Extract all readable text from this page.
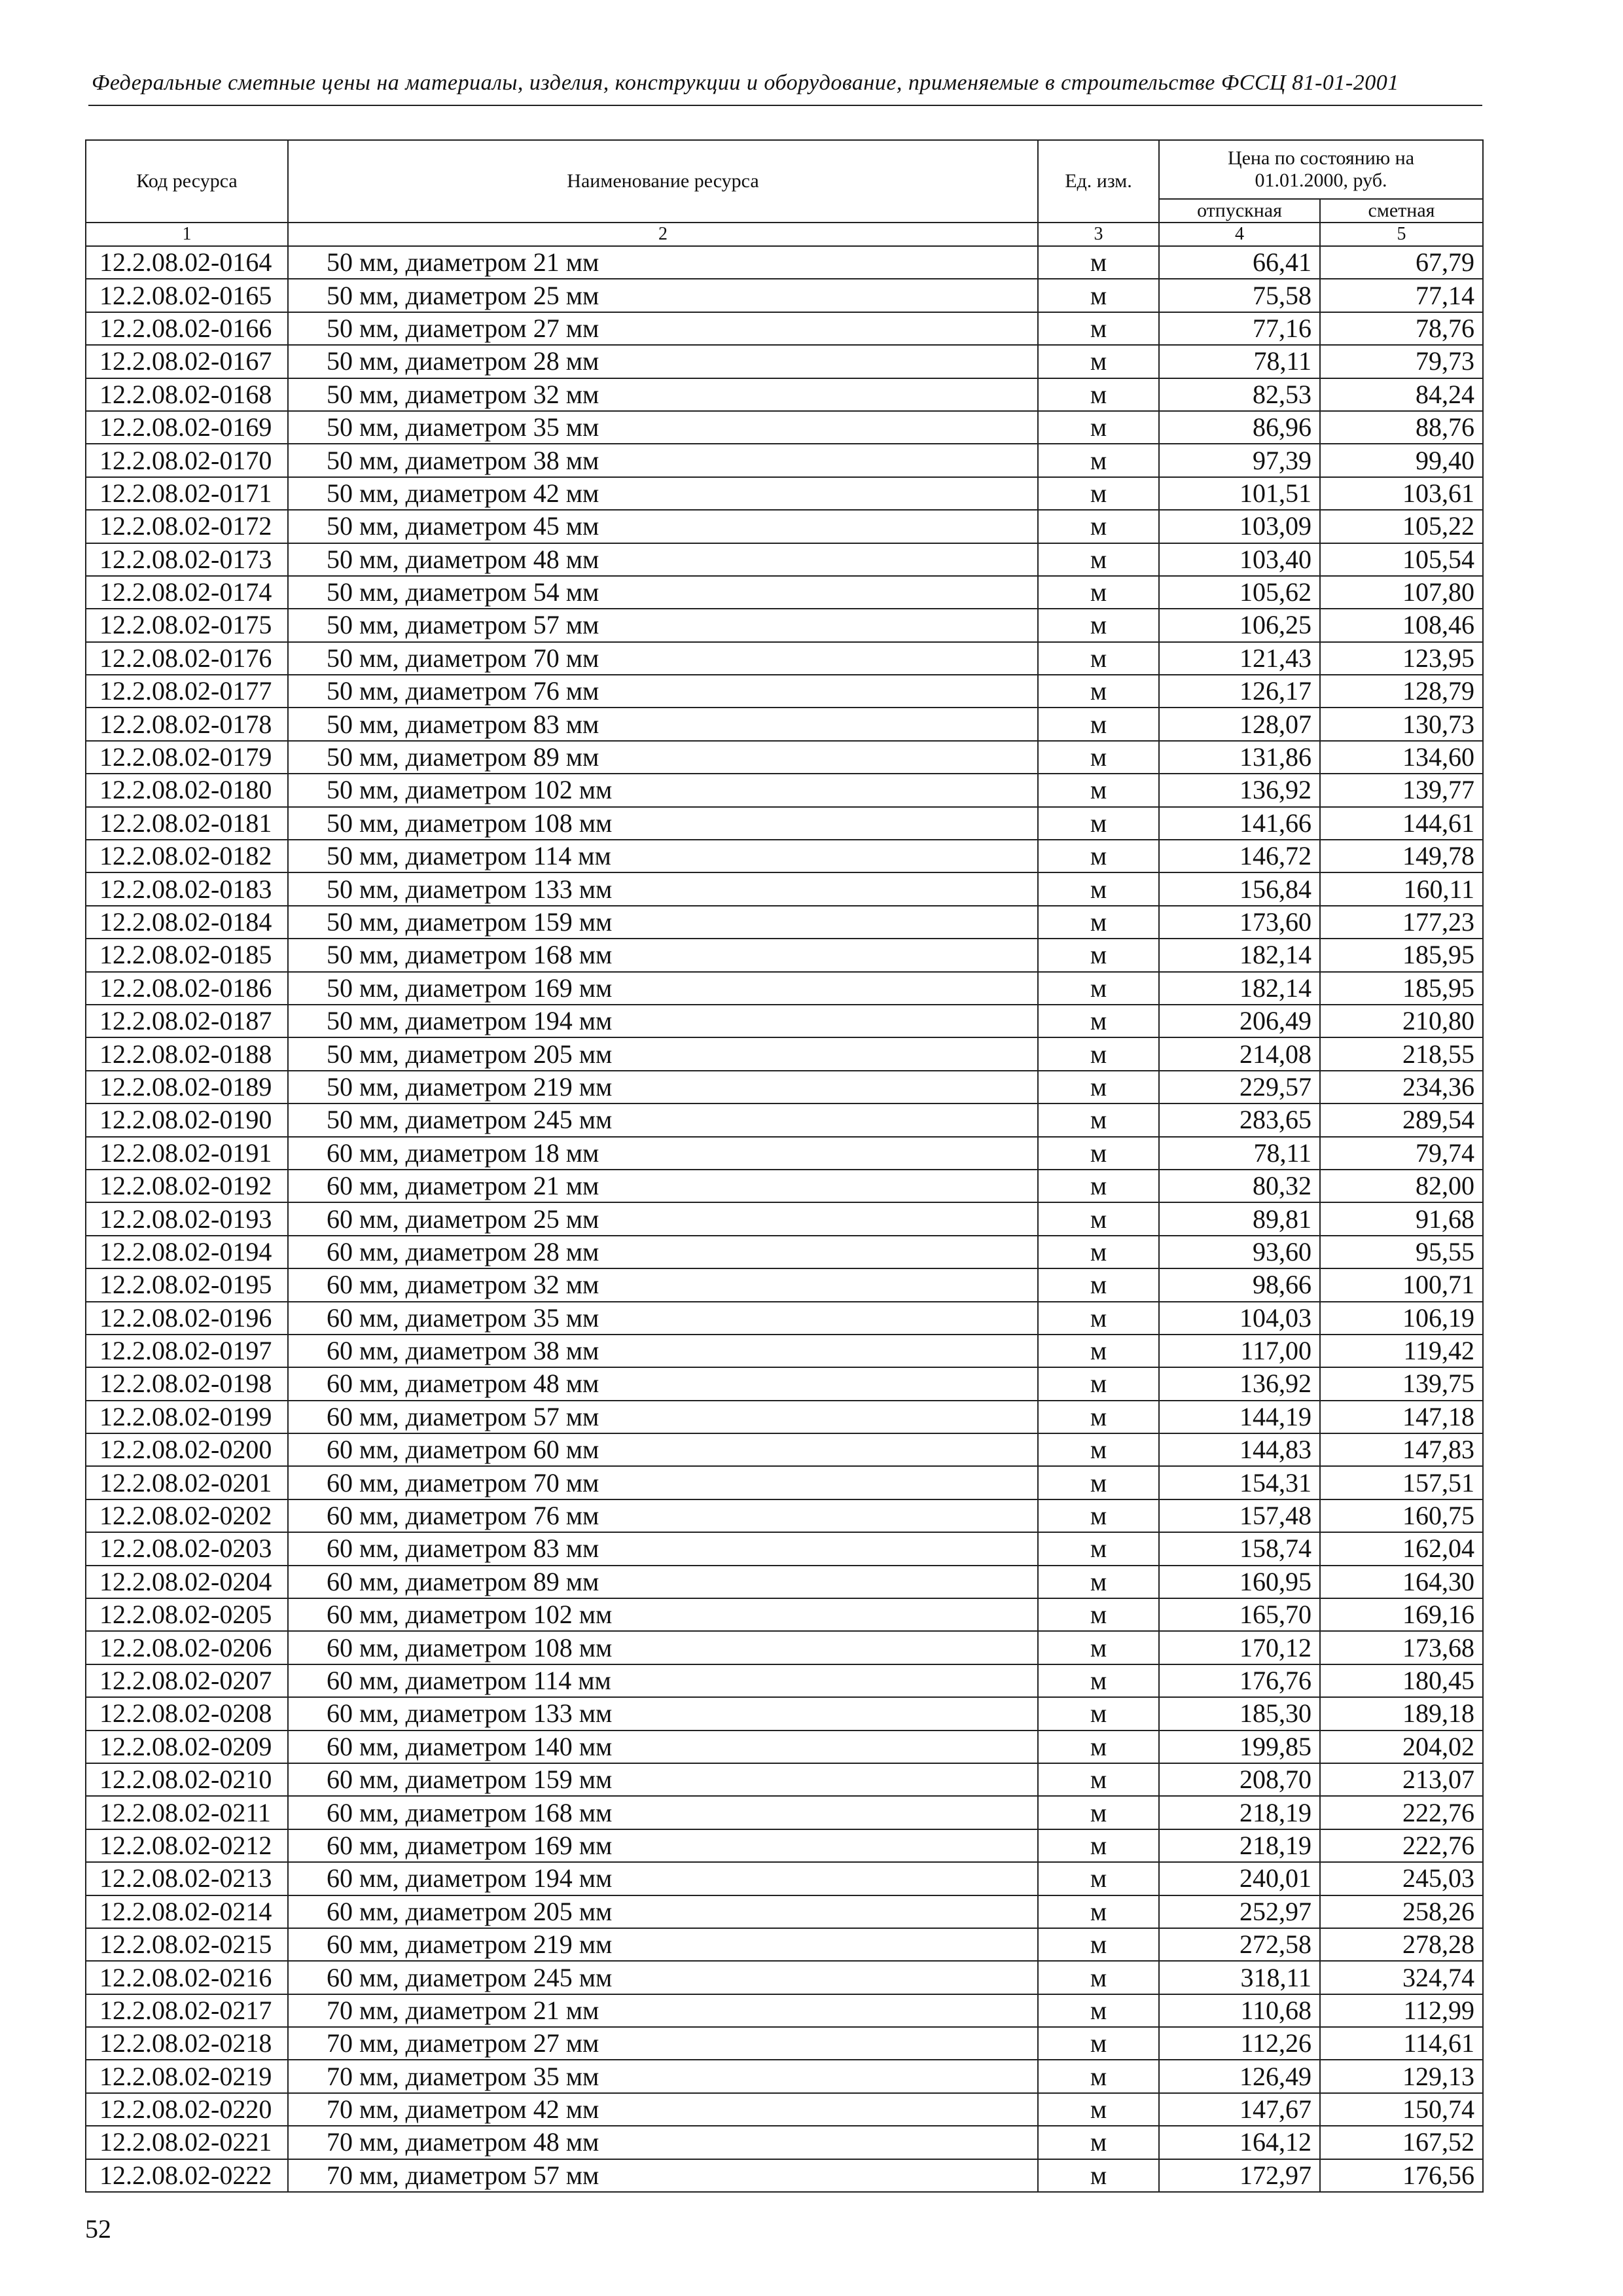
Федеральные сметные цены на материалы, изделия, конструкции и оборудование, применяемые в строительстве ФССЦ 81-01-2001
Код ресурса	Наименование ресурса	Ед. изм.	Цена по состоянию на 01.01.2000, руб.	
			отпускная	сметная
1	2	3	4	5
12.2.08.02-0164	50 мм, диаметром 21 мм	м	66,41	67,79
12.2.08.02-0165	50 мм, диаметром 25 мм	м	75,58	77,14
12.2.08.02-0166	50 мм, диаметром 27 мм	м	77,16	78,76
12.2.08.02-0167	50 мм, диаметром 28 мм	м	78,11	79,73
12.2.08.02-0168	50 мм, диаметром 32 мм	м	82,53	84,24
12.2.08.02-0169	50 мм, диаметром 35 мм	м	86,96	88,76
12.2.08.02-0170	50 мм, диаметром 38 мм	м	97,39	99,40
12.2.08.02-0171	50 мм, диаметром 42 мм	м	101,51	103,61
12.2.08.02-0172	50 мм, диаметром 45 мм	м	103,09	105,22
12.2.08.02-0173	50 мм, диаметром 48 мм	м	103,40	105,54
12.2.08.02-0174	50 мм, диаметром 54 мм	м	105,62	107,80
12.2.08.02-0175	50 мм, диаметром 57 мм	м	106,25	108,46
12.2.08.02-0176	50 мм, диаметром 70 мм	м	121,43	123,95
12.2.08.02-0177	50 мм, диаметром 76 мм	м	126,17	128,79
12.2.08.02-0178	50 мм, диаметром 83 мм	м	128,07	130,73
12.2.08.02-0179	50 мм, диаметром 89 мм	м	131,86	134,60
12.2.08.02-0180	50 мм, диаметром 102 мм	м	136,92	139,77
12.2.08.02-0181	50 мм, диаметром 108 мм	м	141,66	144,61
12.2.08.02-0182	50 мм, диаметром 114 мм	м	146,72	149,78
12.2.08.02-0183	50 мм, диаметром 133 мм	м	156,84	160,11
12.2.08.02-0184	50 мм, диаметром 159 мм	м	173,60	177,23
12.2.08.02-0185	50 мм, диаметром 168 мм	м	182,14	185,95
12.2.08.02-0186	50 мм, диаметром 169 мм	м	182,14	185,95
12.2.08.02-0187	50 мм, диаметром 194 мм	м	206,49	210,80
12.2.08.02-0188	50 мм, диаметром 205 мм	м	214,08	218,55
12.2.08.02-0189	50 мм, диаметром 219 мм	м	229,57	234,36
12.2.08.02-0190	50 мм, диаметром 245 мм	м	283,65	289,54
12.2.08.02-0191	60 мм, диаметром 18 мм	м	78,11	79,74
12.2.08.02-0192	60 мм, диаметром 21 мм	м	80,32	82,00
12.2.08.02-0193	60 мм, диаметром 25 мм	м	89,81	91,68
12.2.08.02-0194	60 мм, диаметром 28 мм	м	93,60	95,55
12.2.08.02-0195	60 мм, диаметром 32 мм	м	98,66	100,71
12.2.08.02-0196	60 мм, диаметром 35 мм	м	104,03	106,19
12.2.08.02-0197	60 мм, диаметром 38 мм	м	117,00	119,42
12.2.08.02-0198	60 мм, диаметром 48 мм	м	136,92	139,75
12.2.08.02-0199	60 мм, диаметром 57 мм	м	144,19	147,18
12.2.08.02-0200	60 мм, диаметром 60 мм	м	144,83	147,83
12.2.08.02-0201	60 мм, диаметром 70 мм	м	154,31	157,51
12.2.08.02-0202	60 мм, диаметром 76 мм	м	157,48	160,75
12.2.08.02-0203	60 мм, диаметром 83 мм	м	158,74	162,04
12.2.08.02-0204	60 мм, диаметром 89 мм	м	160,95	164,30
12.2.08.02-0205	60 мм, диаметром 102 мм	м	165,70	169,16
12.2.08.02-0206	60 мм, диаметром 108 мм	м	170,12	173,68
12.2.08.02-0207	60 мм, диаметром 114 мм	м	176,76	180,45
12.2.08.02-0208	60 мм, диаметром 133 мм	м	185,30	189,18
12.2.08.02-0209	60 мм, диаметром 140 мм	м	199,85	204,02
12.2.08.02-0210	60 мм, диаметром 159 мм	м	208,70	213,07
12.2.08.02-0211	60 мм, диаметром 168 мм	м	218,19	222,76
12.2.08.02-0212	60 мм, диаметром 169 мм	м	218,19	222,76
12.2.08.02-0213	60 мм, диаметром 194 мм	м	240,01	245,03
12.2.08.02-0214	60 мм, диаметром 205 мм	м	252,97	258,26
12.2.08.02-0215	60 мм, диаметром 219 мм	м	272,58	278,28
12.2.08.02-0216	60 мм, диаметром 245 мм	м	318,11	324,74
12.2.08.02-0217	70 мм, диаметром 21 мм	м	110,68	112,99
12.2.08.02-0218	70 мм, диаметром 27 мм	м	112,26	114,61
12.2.08.02-0219	70 мм, диаметром 35 мм	м	126,49	129,13
12.2.08.02-0220	70 мм, диаметром 42 мм	м	147,67	150,74
12.2.08.02-0221	70 мм, диаметром 48 мм	м	164,12	167,52
12.2.08.02-0222	70 мм, диаметром 57 мм	м	172,97	176,56
52
